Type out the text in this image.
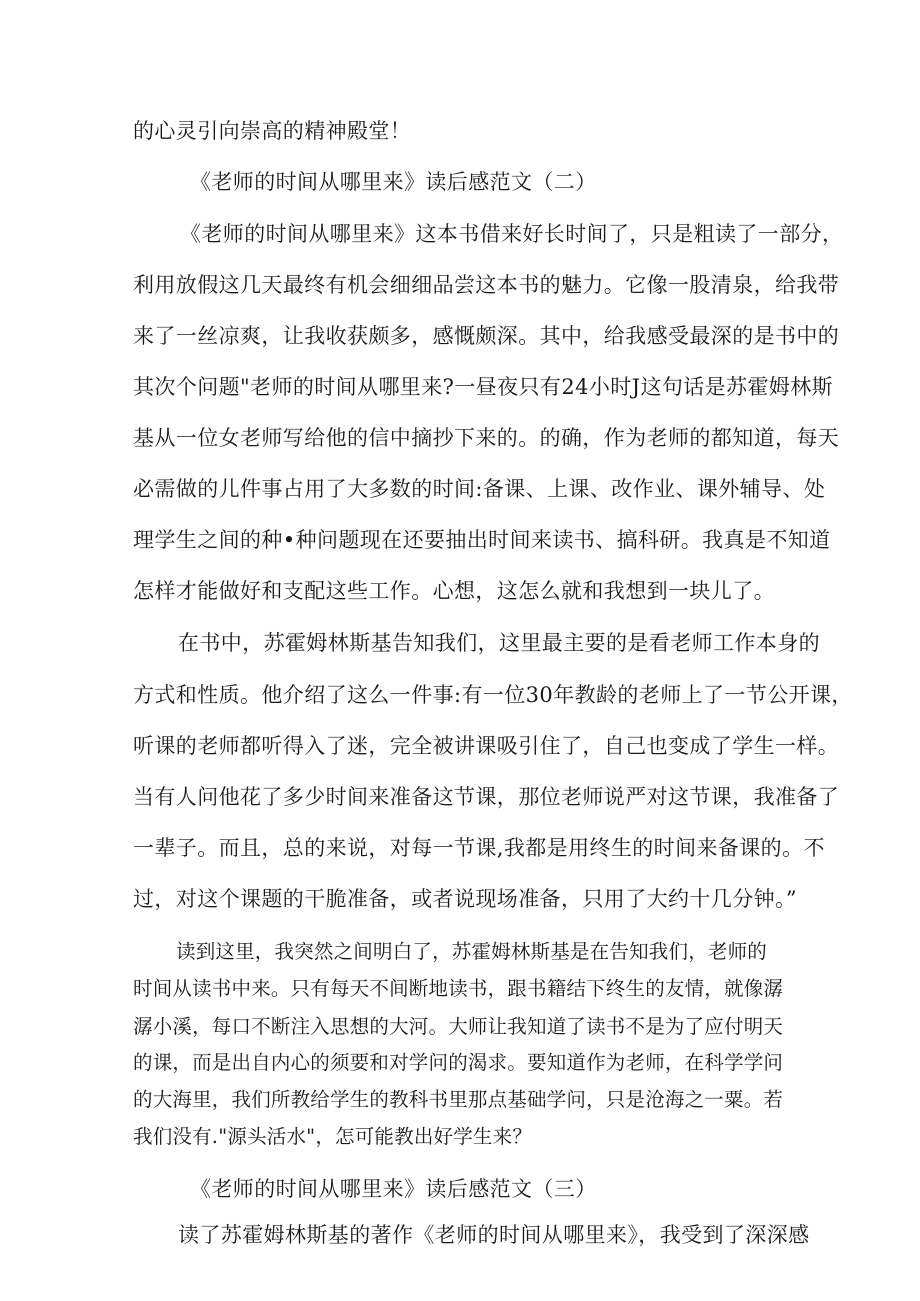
的心灵引向崇高的精神殿堂！
《老师的时间从哪里来》读后感范文（二）
《老师的时间从哪里来》这本书借来好长时间了，只是粗读了一部分，
利用放假这几天最终有机会细细品尝这本书的魅力。它像一股清泉，给我带
来了一丝凉爽，让我收获颇多，感慨颇深。其中，给我感受最深的是书中的
其次个问题"老师的时间从哪里来?一昼夜只有24小时J这句话是苏霍姆林斯
基从一位女老师写给他的信中摘抄下来的。的确，作为老师的都知道，每天
必需做的儿件事占用了大多数的时间:备课、上课、改作业、课外辅导、处
理学生之间的种•种问题现在还要抽出时间来读书、搞科研。我真是不知道
怎样才能做好和支配这些工作。心想，这怎么就和我想到一块儿了。
在书中，苏霍姆林斯基告知我们，这里最主要的是看老师工作本身的
方式和性质。他介绍了这么一件事:有一位30年教龄的老师上了一节公开课，
听课的老师都听得入了迷，完全被讲课吸引住了，自己也变成了学生一样。
当有人问他花了多少时间来准备这节课，那位老师说严对这节课，我准备了
一辈子。而且，总的来说，对每一节课,我都是用终生的时间来备课的。不
过，对这个课题的干脆准备，或者说现场准备，只用了大约十几分钟。”
读到这里，我突然之间明白了，苏霍姆林斯基是在告知我们，老师的
时间从读书中来。只有每天不间断地读书，跟书籍结下终生的友情，就像潺
潺小溪，每口不断注入思想的大河。大师让我知道了读书不是为了应付明天
的课，而是出自内心的须要和对学问的渴求。要知道作为老师，在科学学问
的大海里，我们所教给学生的教科书里那点基础学问，只是沧海之一粟。若
我们没有."源头活水"，怎可能教出好学生来？
《老师的时间从哪里来》读后感范文（三）
读了苏霍姆林斯基的著作《老师的时间从哪里来》，我受到了深深感
